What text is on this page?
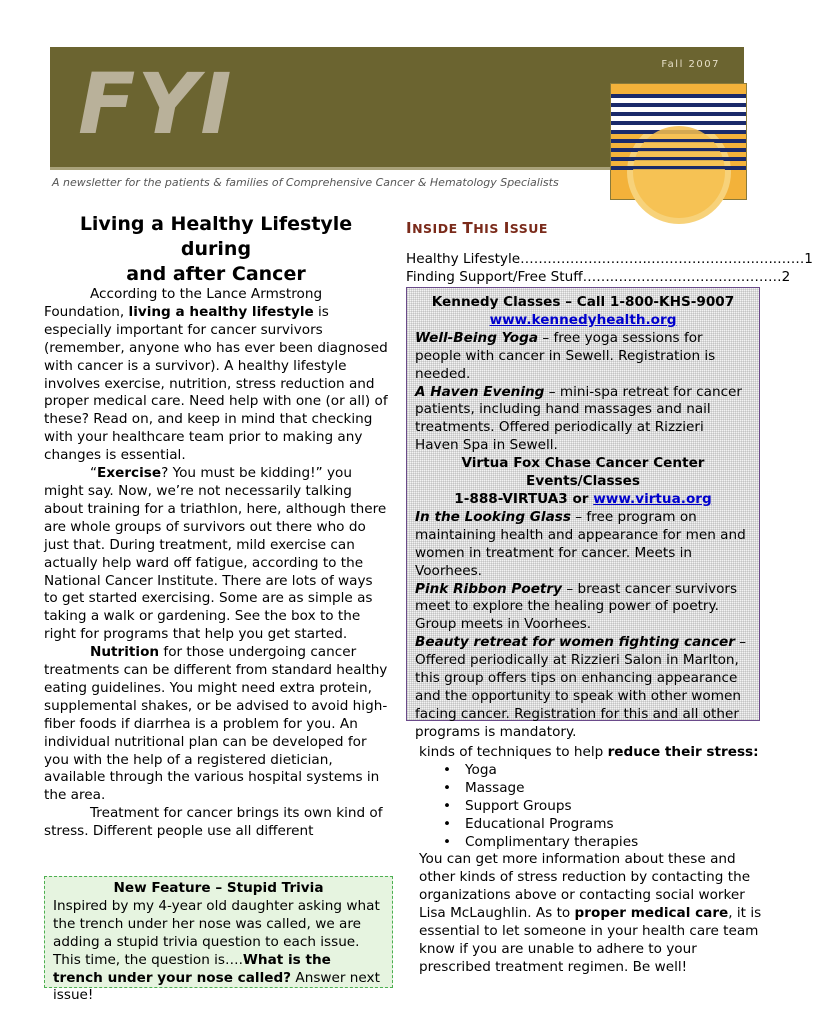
FYI	Fall 2007
A newsletter for the patients & families of Comprehensive Cancer & Hematology Specialists
Living a Healthy Lifestyle during
and after Cancer

According to the Lance Armstrong Foundation, living a healthy lifestyle is especially important for cancer survivors (remember, anyone who has ever been diagnosed with cancer is a survivor). A healthy lifestyle involves exercise, nutrition, stress reduction and proper medical care. Need help with one (or all) of these? Read on, and keep in mind that checking with your healthcare team prior to making any changes is essential.

“Exercise? You must be kidding!” you might say. Now, we’re not necessarily talking about training for a triathlon, here, although there are whole groups of survivors out there who do just that. During treatment, mild exercise can actually help ward off fatigue, according to the National Cancer Institute. There are lots of ways to get started exercising. Some are as simple as taking a walk or gardening. See the box to the right for programs that help you get started.

Nutrition for those undergoing cancer treatments can be different from standard healthy eating guidelines. You might need extra protein, supplemental shakes, or be advised to avoid high-fiber foods if diarrhea is a problem for you. An individual nutritional plan can be developed for you with the help of a registered dietician, available through the various hospital systems in the area.

Treatment for cancer brings its own kind of stress. Different people use all different

INSIDE THIS ISSUE
Healthy Lifestyle………………………..…………………..…..……1
Finding Support/Free Stuff……..………………………………2
Kennedy Classes – Call 1-800-KHS-9007
www.kennedyhealth.org

Well-Being Yoga – free yoga sessions for people with cancer in Sewell. Registration is needed.

A Haven Evening – mini-spa retreat for cancer patients, including hand massages and nail treatments. Offered periodically at Rizzieri Haven Spa in Sewell.

Virtua Fox Chase Cancer Center Events/Classes
1-888-VIRTUA3 or www.virtua.org

In the Looking Glass – free program on maintaining health and appearance for men and women in treatment for cancer. Meets in Voorhees.

Pink Ribbon Poetry – breast cancer survivors meet to explore the healing power of poetry. Group meets in Voorhees.

Beauty retreat for women fighting cancer –
Offered periodically at Rizzieri Salon in Marlton, this group offers tips on enhancing appearance and the opportunity to speak with other women facing cancer. Registration for this and all other programs is mandatory.

kinds of techniques to help reduce their stress:

• Yoga
• Massage
• Support Groups
• Educational Programs
• Complimentary therapies

You can get more information about these and other kinds of stress reduction by contacting the organizations above or contacting social worker Lisa McLaughlin. As to proper medical care, it is essential to let someone in your health care team know if you are unable to adhere to your prescribed treatment regimen. Be well!

New Feature – Stupid Trivia

Inspired by my 4-year old daughter asking what the trench under her nose was called, we are adding a stupid trivia question to each issue. This time, the question is….What is the trench under your nose called? Answer next issue!
